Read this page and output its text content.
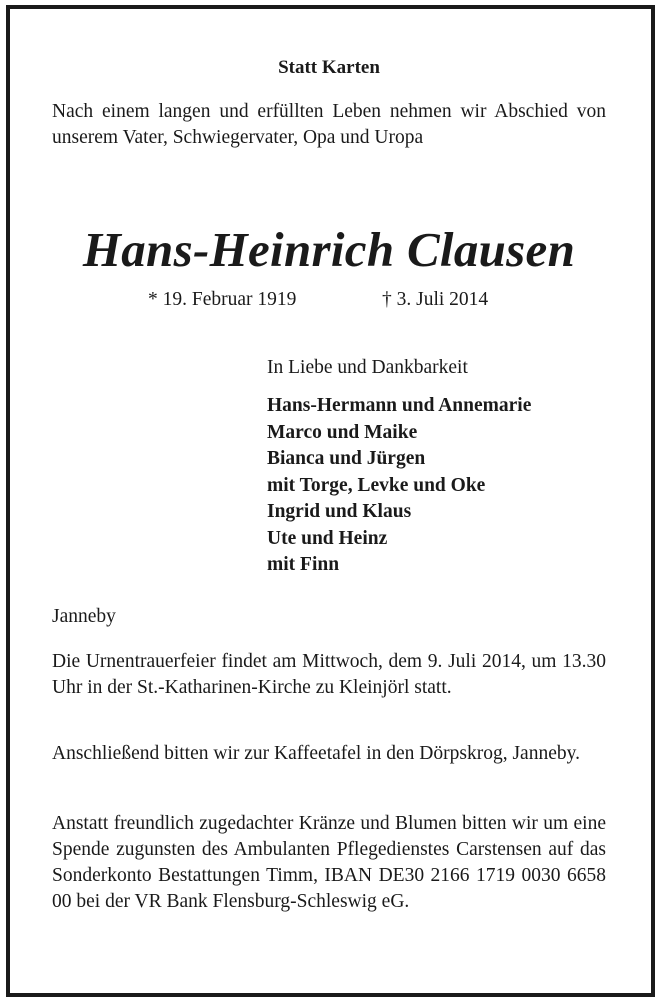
Statt Karten

Nach einem langen und erfüllten Leben nehmen wir Abschied von unserem Vater, Schwiegervater, Opa und Uropa

Hans-Heinrich Clausen
* 19. Februar 1919	† 3. Juli 2014

In Liebe und Dankbarkeit

Hans-Hermann und Annemarie
Marco und Maike
Bianca und Jürgen
mit Torge, Levke und Oke
Ingrid und Klaus
Ute und Heinz
mit Finn

Janneby

Die Urnentrauerfeier findet am Mittwoch, dem 9. Juli 2014, um 13.30 Uhr in der St.-Katharinen-Kirche zu Kleinjörl statt.

Anschließend bitten wir zur Kaffeetafel in den Dörpskrog, Janneby.

Anstatt freundlich zugedachter Kränze und Blumen bitten wir um eine Spende zugunsten des Ambulanten Pflegedienstes Carstensen auf das Sonderkonto Bestattungen Timm, IBAN DE30 2166 1719 0030 6658 00 bei der VR Bank Flensburg-Schleswig eG.
